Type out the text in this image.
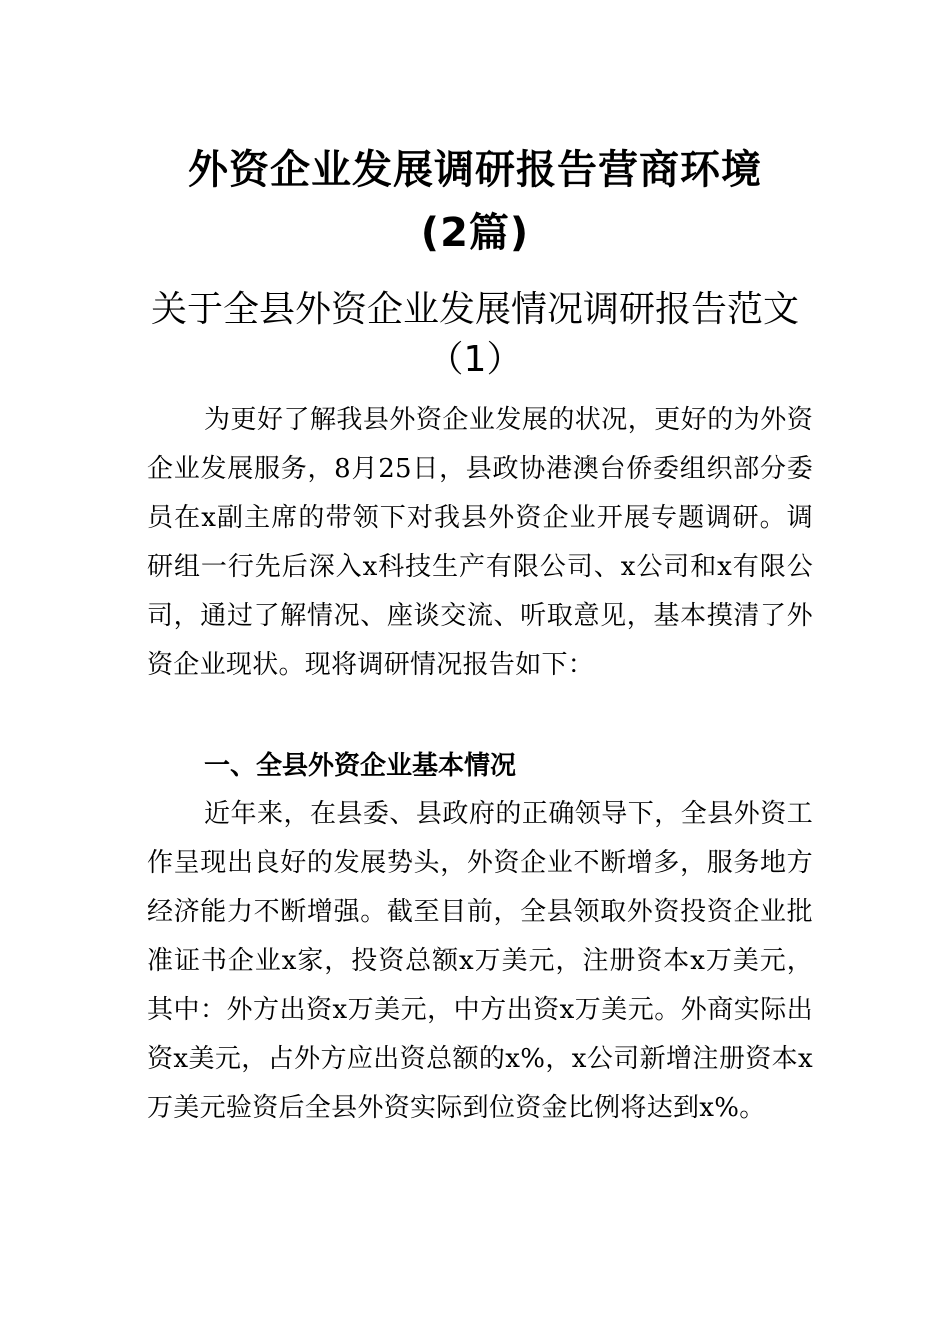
外资企业发展调研报告营商环境
(2篇)
关于全县外资企业发展情况调研报告范文（1）

为更好了解我县外资企业发展的状况，更好的为外资企业发展服务，8月25日，县政协港澳台侨委组织部分委员在x副主席的带领下对我县外资企业开展专题调研。调研组一行先后深入x科技生产有限公司、x公司和x有限公司，通过了解情况、座谈交流、听取意见，基本摸清了外资企业现状。现将调研情况报告如下：

一、全县外资企业基本情况

近年来，在县委、县政府的正确领导下，全县外资工作呈现出良好的发展势头，外资企业不断增多，服务地方经济能力不断增强。截至目前，全县领取外资投资企业批准证书企业x家，投资总额x万美元，注册资本x万美元，其中：外方出资x万美元，中方出资x万美元。外商实际出资x美元，占外方应出资总额的x%，x公司新增注册资本x万美元验资后全县外资实际到位资金比例将达到x%。
